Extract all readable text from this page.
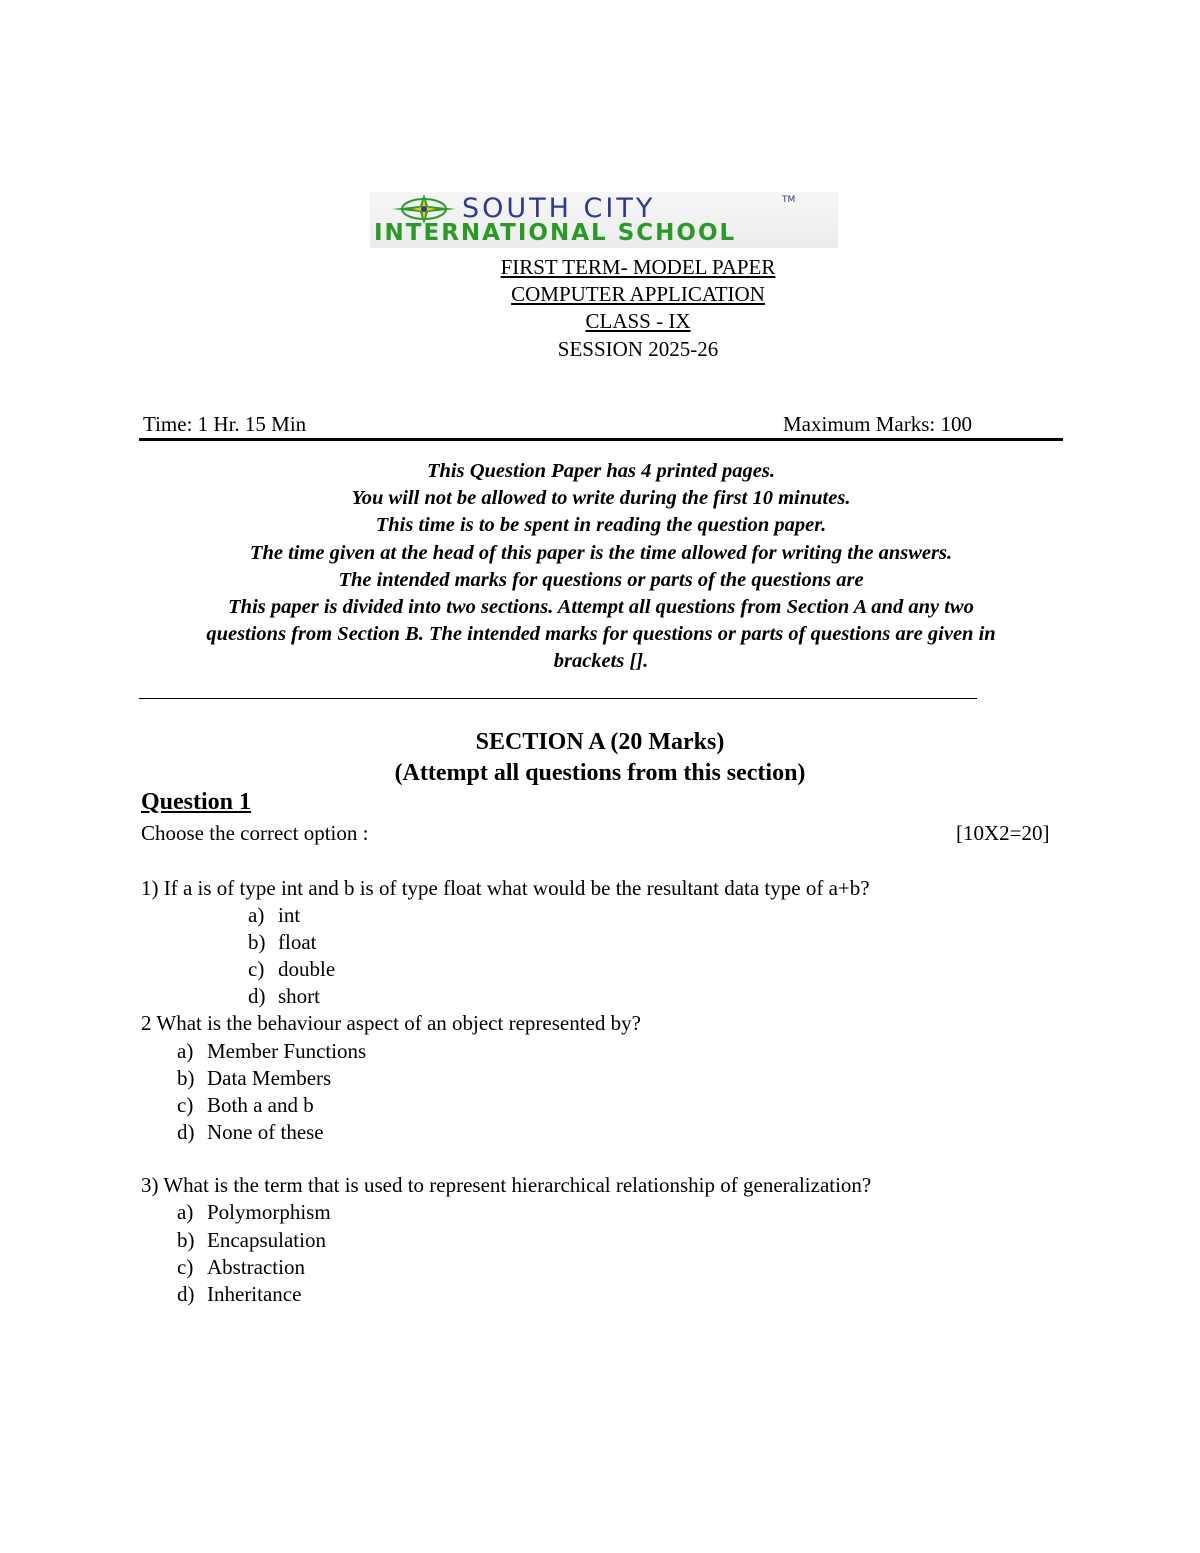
SOUTH CITY	TM
INTERNATIONAL SCHOOL
FIRST TERM- MODEL PAPER
COMPUTER APPLICATION
CLASS - IX
SESSION 2025-26
Time: 1 Hr. 15 Min	Maximum Marks: 100
This Question Paper has 4 printed pages.
You will not be allowed to write during the first 10 minutes.
This time is to be spent in reading the question paper.
The time given at the head of this paper is the time allowed for writing the answers.
The intended marks for questions or parts of the questions are
This paper is divided into two sections. Attempt all questions from Section A and any two
questions from Section B. The intended marks for questions or parts of questions are given in
brackets [].
SECTION A (20 Marks)
(Attempt all questions from this section)
Question 1
Choose the correct option :	[10X2=20]
1) If a is of type int and b is of type float what would be the resultant data type of a+b?
a) int
b) float
c) double
d) short
2 What is the behaviour aspect of an object represented by?
a) Member Functions
b) Data Members
c) Both a and b
d) None of these
3) What is the term that is used to represent hierarchical relationship of generalization?
a) Polymorphism
b) Encapsulation
c) Abstraction
d) Inheritance
